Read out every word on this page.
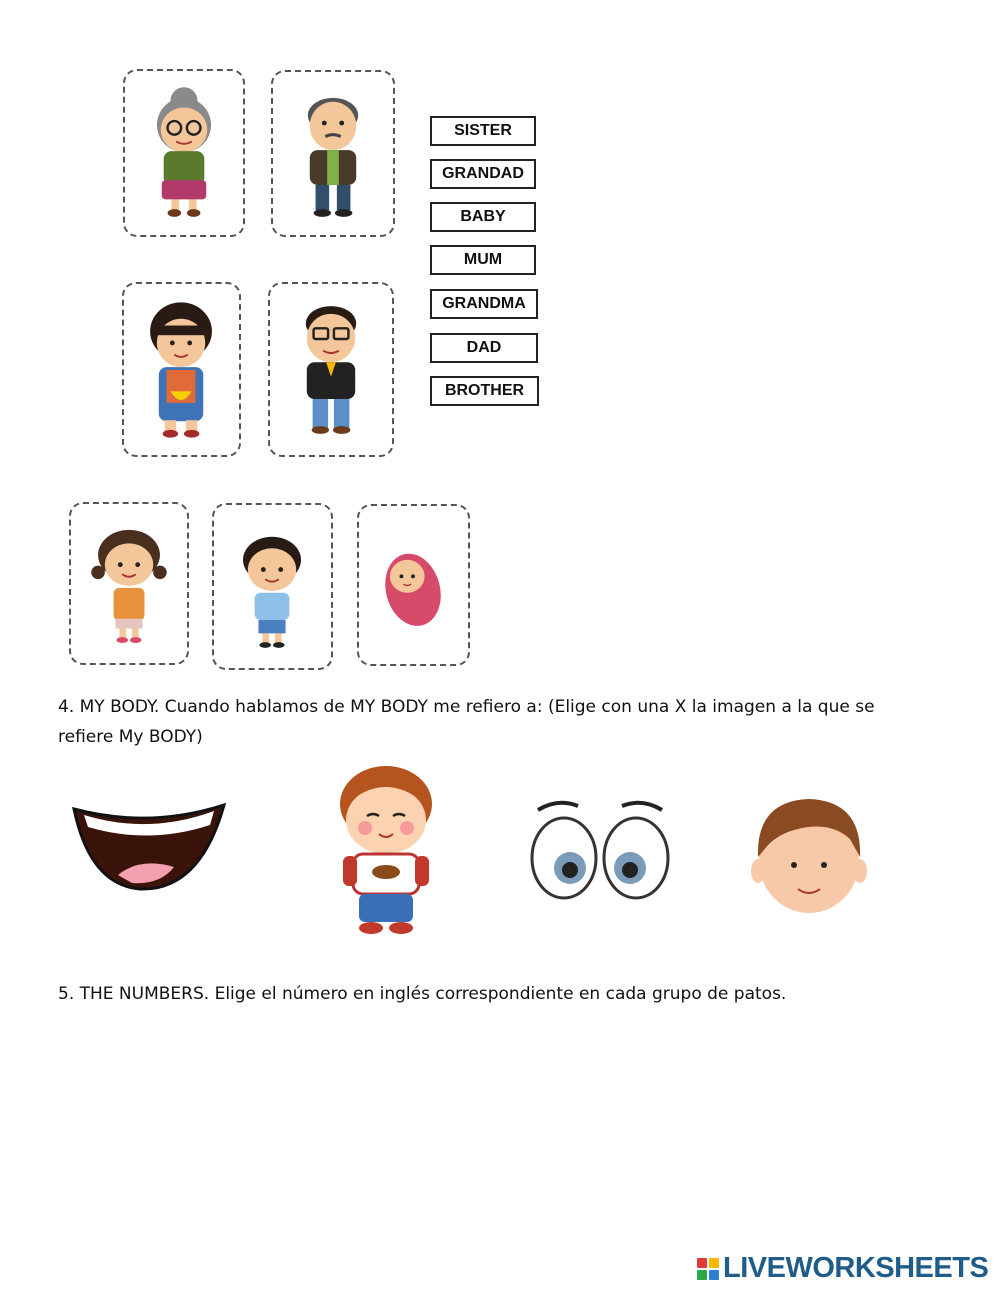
SISTER
GRANDAD
BABY
MUM
GRANDMA
DAD
BROTHER
4. MY BODY. Cuando hablamos de MY BODY me refiero a: (Elige con una X la imagen a la que se
refiere My BODY)
5. THE NUMBERS. Elige el número en inglés correspondiente en cada grupo de patos.
LIVEWORKSHEETS
